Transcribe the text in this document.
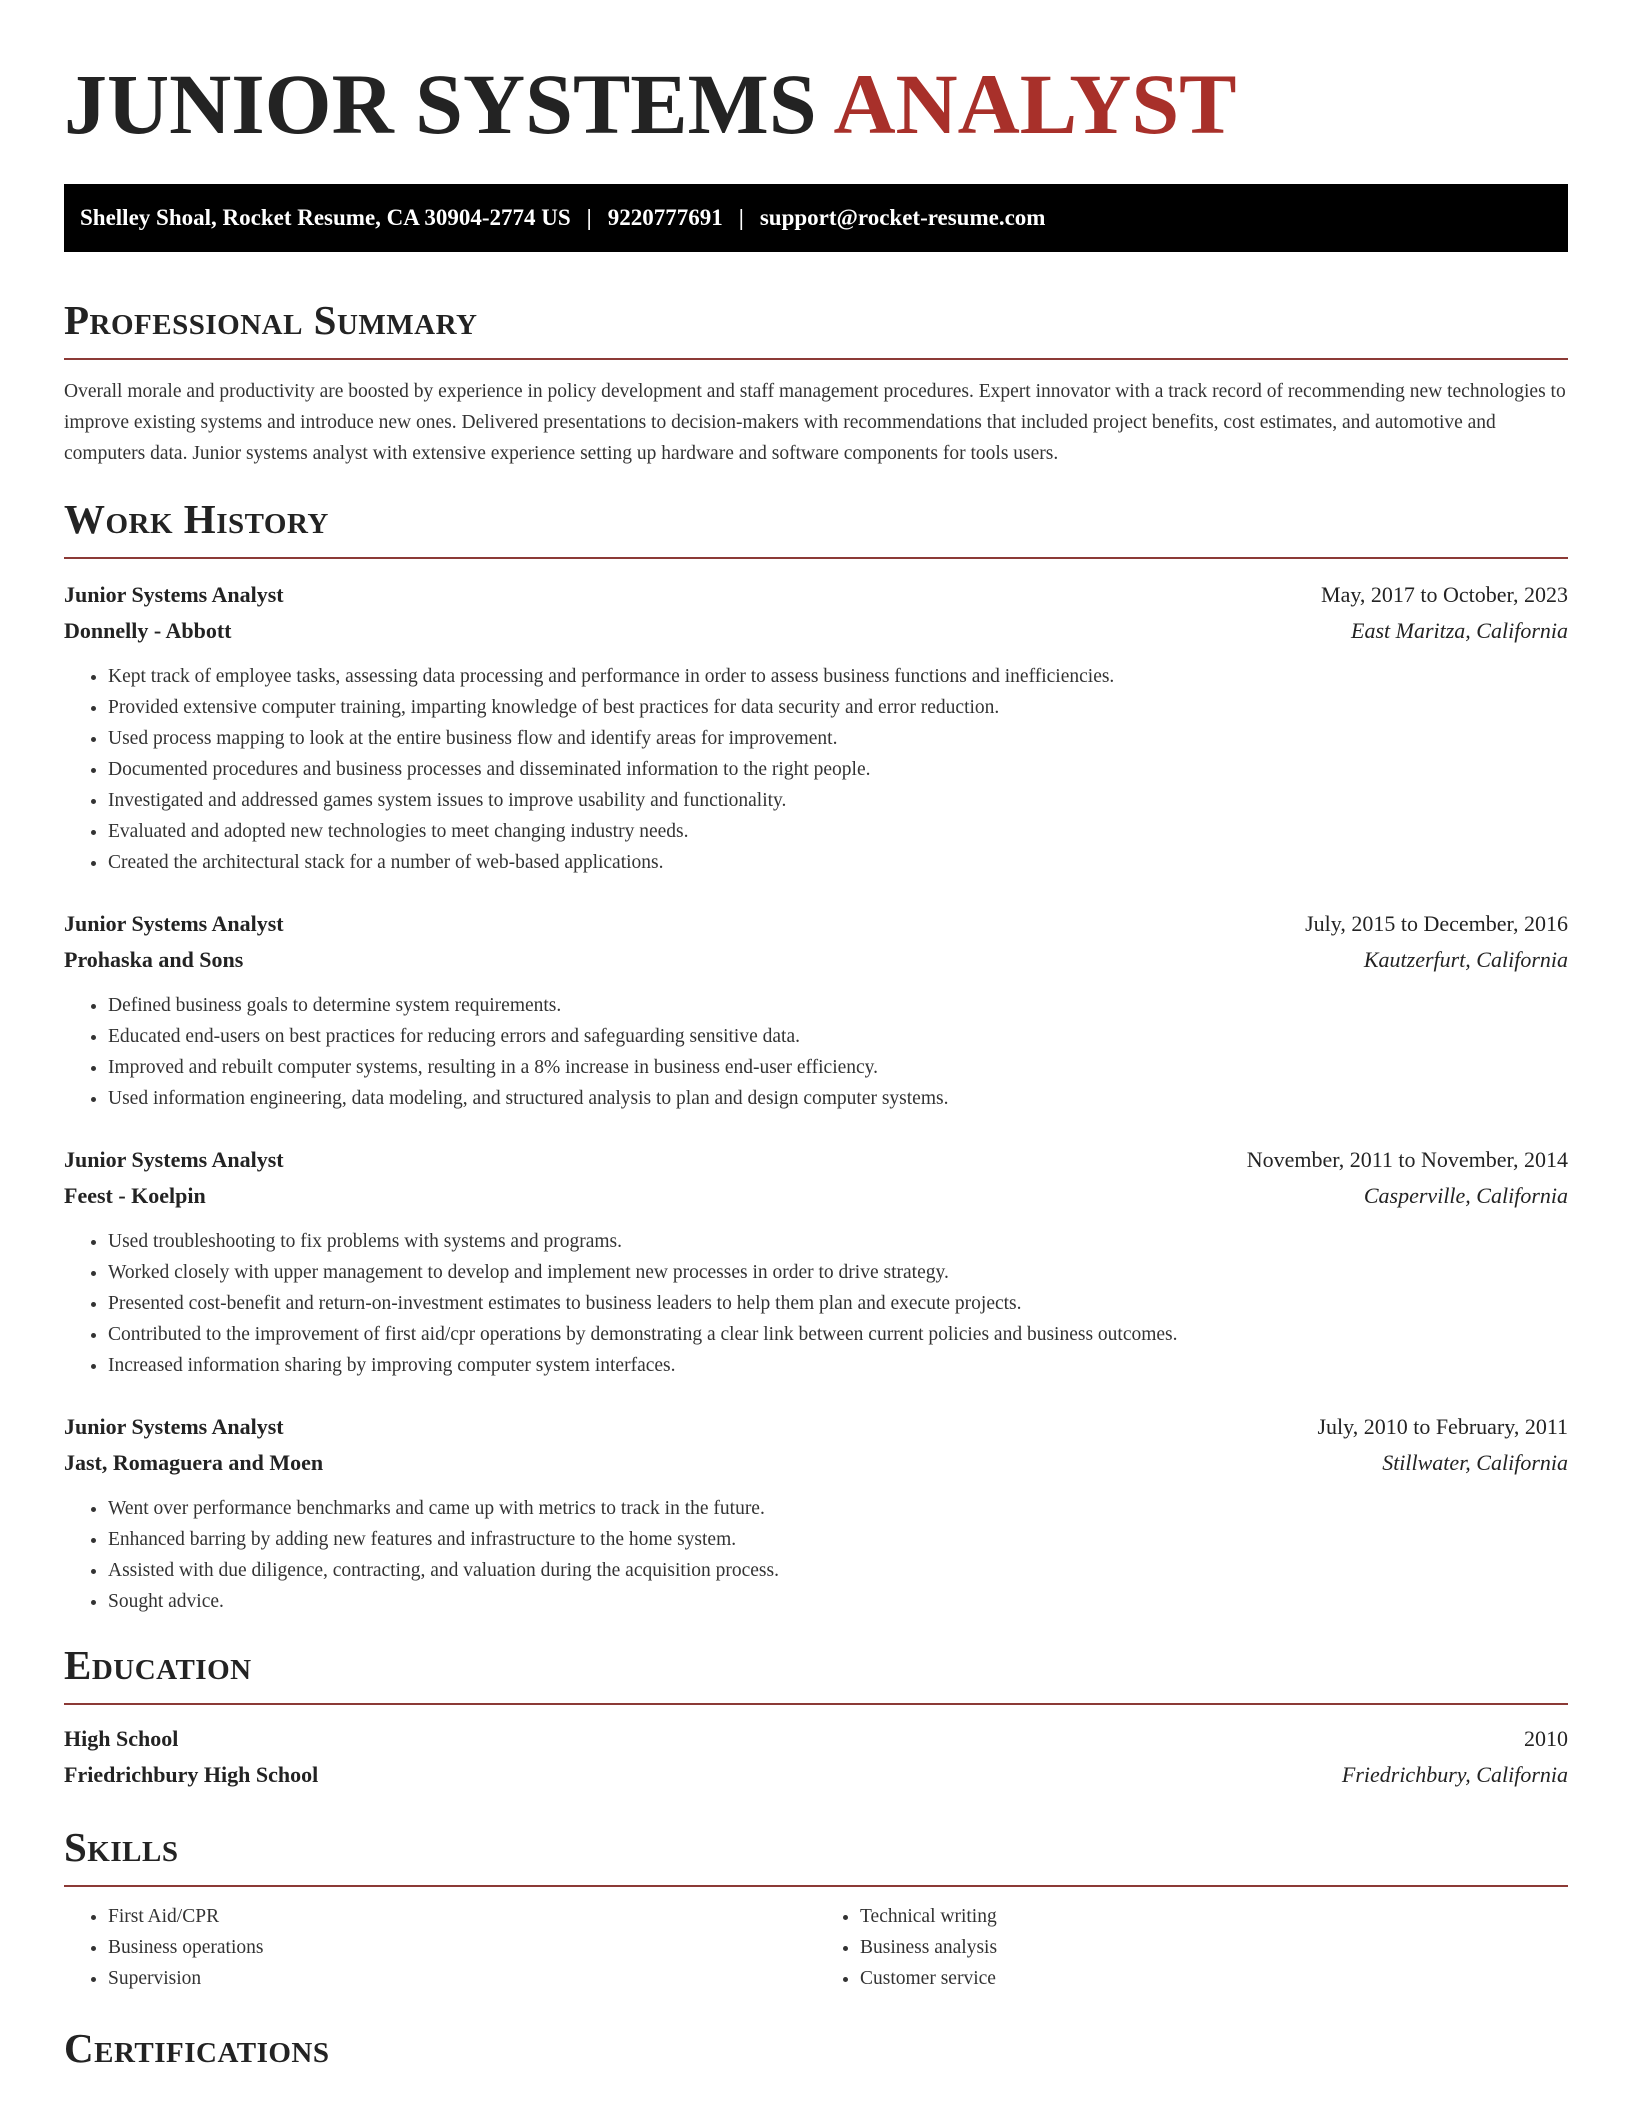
JUNIOR SYSTEMS ANALYST
Shelley Shoal, Rocket Resume, CA 30904-2774 US | 9220777691 | support@rocket-resume.com
Professional Summary

Overall morale and productivity are boosted by experience in policy development and staff management procedures. Expert innovator with a track record of recommending new technologies to improve existing systems and introduce new ones. Delivered presentations to decision-makers with recommendations that included project benefits, cost estimates, and automotive and computers data. Junior systems analyst with extensive experience setting up hardware and software components for tools users.

Work History
Junior Systems Analyst	May, 2017 to October, 2023
Donnelly - Abbott	East Maritza, California
• Kept track of employee tasks, assessing data processing and performance in order to assess business functions and inefficiencies.
• Provided extensive computer training, imparting knowledge of best practices for data security and error reduction.
• Used process mapping to look at the entire business flow and identify areas for improvement.
• Documented procedures and business processes and disseminated information to the right people.
• Investigated and addressed games system issues to improve usability and functionality.
• Evaluated and adopted new technologies to meet changing industry needs.
• Created the architectural stack for a number of web-based applications.
Junior Systems Analyst	July, 2015 to December, 2016
Prohaska and Sons	Kautzerfurt, California
• Defined business goals to determine system requirements.
• Educated end-users on best practices for reducing errors and safeguarding sensitive data.
• Improved and rebuilt computer systems, resulting in a 8% increase in business end-user efficiency.
• Used information engineering, data modeling, and structured analysis to plan and design computer systems.
Junior Systems Analyst	November, 2011 to November, 2014
Feest - Koelpin	Casperville, California
• Used troubleshooting to fix problems with systems and programs.
• Worked closely with upper management to develop and implement new processes in order to drive strategy.
• Presented cost-benefit and return-on-investment estimates to business leaders to help them plan and execute projects.
• Contributed to the improvement of first aid/cpr operations by demonstrating a clear link between current policies and business outcomes.
• Increased information sharing by improving computer system interfaces.
Junior Systems Analyst	July, 2010 to February, 2011
Jast, Romaguera and Moen	Stillwater, California
• Went over performance benchmarks and came up with metrics to track in the future.
• Enhanced barring by adding new features and infrastructure to the home system.
• Assisted with due diligence, contracting, and valuation during the acquisition process.
• Sought advice.
Education
High School	2010
Friedrichbury High School	Friedrichbury, California
Skills
• First Aid/CPR
• Business operations
• Supervision
• Technical writing
• Business analysis
• Customer service
Certifications
